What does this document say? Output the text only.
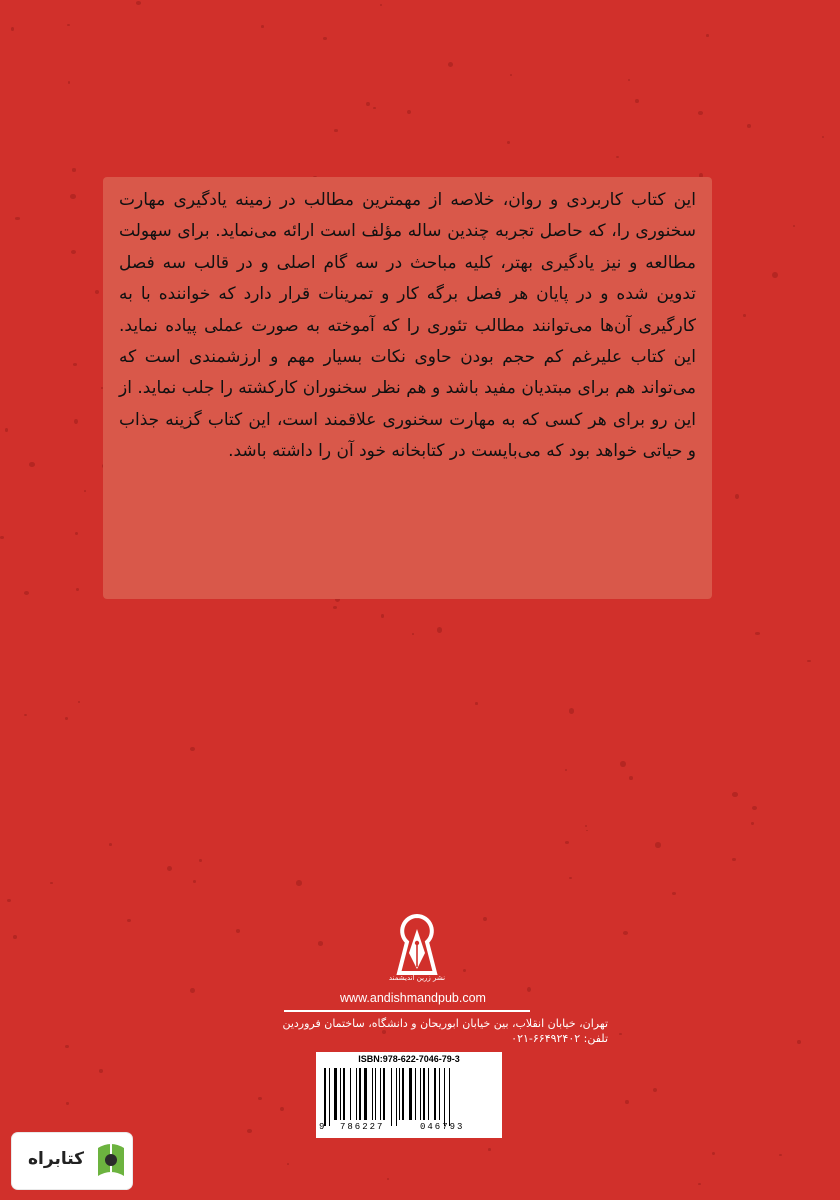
این کتاب کاربردی و روان، خلاصه از مهمترین مطالب در زمینه یادگیری مهارت سخنوری را، که حاصل تجربه چندین ساله مؤلف است ارائه می‌نماید. برای سهولت مطالعه و نیز یادگیری بهتر، کلیه مباحث در سه گام اصلی و در قالب سه فصل تدوین شده و در پایان هر فصل برگه کار و تمرینات قرار دارد که خواننده با به کارگیری آن‌ها می‌توانند مطالب تئوری را که آموخته به صورت عملی پیاده نماید. این کتاب علیرغم کم حجم بودن حاوی نکات بسیار مهم و ارزشمندی است که می‌تواند هم برای مبتدیان مفید باشد و هم نظر سخنوران کارکشته را جلب نماید. از این رو برای هر کسی که به مهارت سخنوری علاقمند است، این کتاب گزینه جذاب و حیاتی خواهد بود که می‌بایست در کتابخانه خود آن را داشته باشد.

نشر زرین اندیشمند
www.andishmandpub.com
تهران، خیابان انقلاب، بین خیابان ابوریحان و دانشگاه، ساختمان فروردین
تلفن: ۶۶۴۹۲۴۰۲-۰۲۱
ISBN:978-622-7046-79-3
9 786227	046793
کتابراه
